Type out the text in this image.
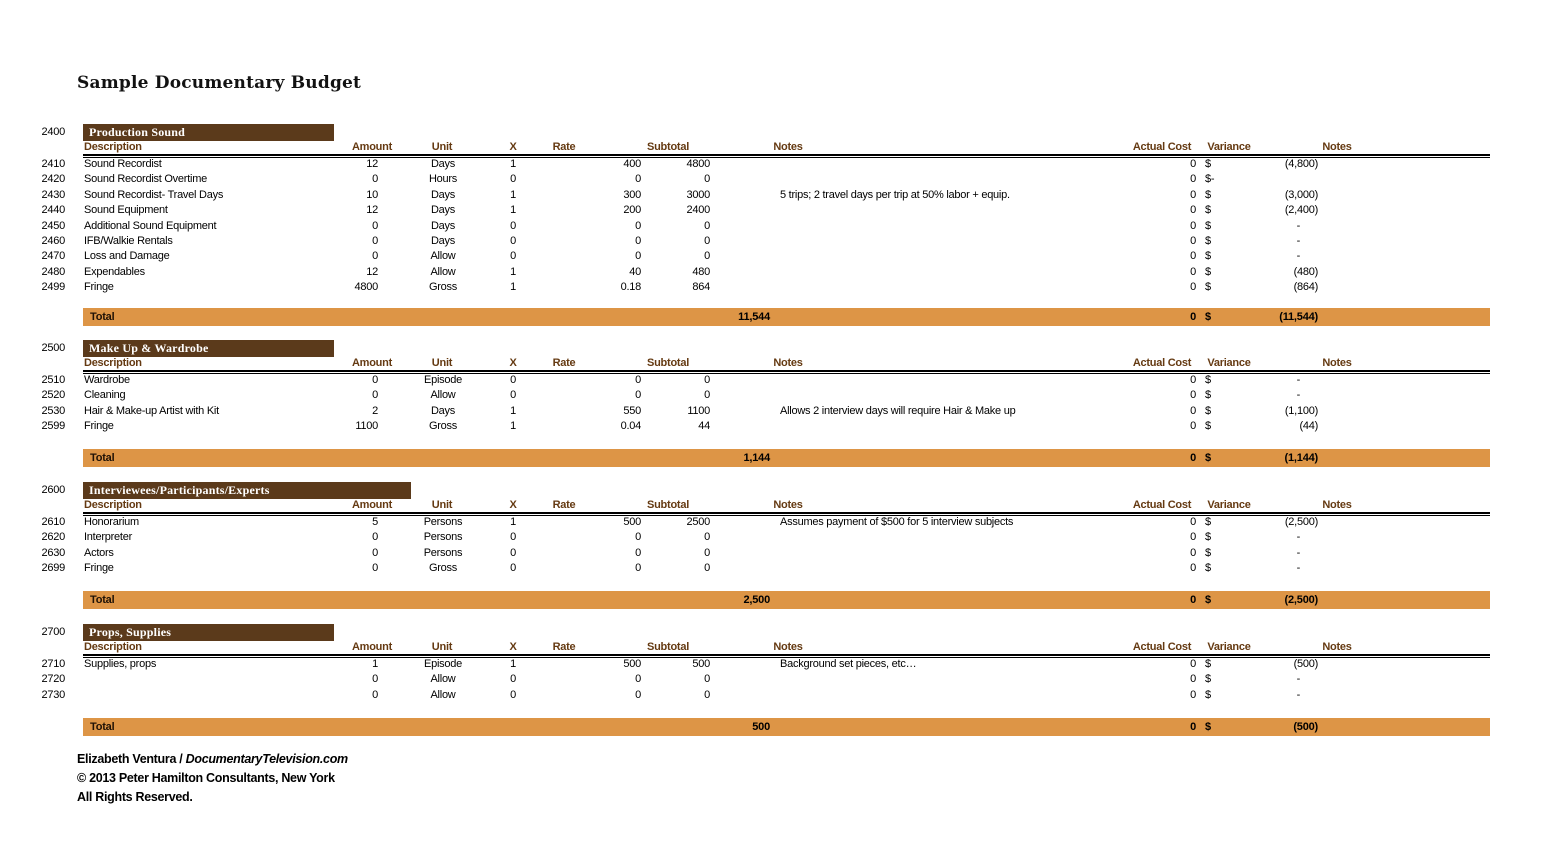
Sample Documentary Budget
2400	Production Sound
Description	Amount	Unit	X	Rate	Subtotal	Notes	Actual Cost	Variance	Notes
2410 Sound Recordist	12	Days	1	400	4800	0 $	(4,800)
2420 Sound Recordist Overtime	0	Hours	0	0	0	0 $-
2430 Sound Recordist- Travel Days	10	Days	1	300	3000	5 trips; 2 travel days per trip at 50% labor + equip.	0 $	(3,000)
2440 Sound Equipment	12	Days	1	200	2400	0 $	(2,400)
2450 Additional Sound Equipment	0	Days	0	0	0	0 $	-
2460 IFB/Walkie Rentals	0	Days	0	0	0	0 $	-
2470 Loss and Damage	0	Allow	0	0	0	0 $	-
2480 Expendables	12	Allow	1	40	480	0 $	(480)
2499 Fringe	4800	Gross	1	0.18	864	0 $	(864)
Total	11,544	0 $	(11,544)
2500	Make Up & Wardrobe
Description	Amount	Unit	X	Rate	Subtotal	Notes	Actual Cost	Variance	Notes
2510 Wardrobe	0	Episode	0	0	0	0 $	-
2520 Cleaning	0	Allow	0	0	0	0 $	-
2530 Hair & Make-up Artist with Kit	2	Days	1	550	1100	Allows 2 interview days will require Hair & Make up	0 $	(1,100)
2599 Fringe	1100	Gross	1	0.04	44	0 $	(44)
Total	1,144	0 $	(1,144)
2600	Interviewees/Participants/Experts
Description	Amount	Unit	X	Rate	Subtotal	Notes	Actual Cost	Variance	Notes
2610 Honorarium	5	Persons	1	500	2500	Assumes payment of $500 for 5 interview subjects	0 $	(2,500)
2620 Interpreter	0	Persons	0	0	0	0 $	-
2630 Actors	0	Persons	0	0	0	0 $	-
2699 Fringe	0	Gross	0	0	0	0 $	-
Total	2,500	0 $	(2,500)
2700	Props, Supplies
Description	Amount	Unit	X	Rate	Subtotal	Notes	Actual Cost	Variance	Notes
2710 Supplies, props	1	Episode	1	500	500	Background set pieces, etc…	0 $	(500)
2720	0	Allow	0	0	0	0 $	-
2730	0	Allow	0	0	0	0 $	-
Total	500	0 $	(500)
Elizabeth Ventura / DocumentaryTelevision.com
© 2013 Peter Hamilton Consultants, New York
All Rights Reserved.
